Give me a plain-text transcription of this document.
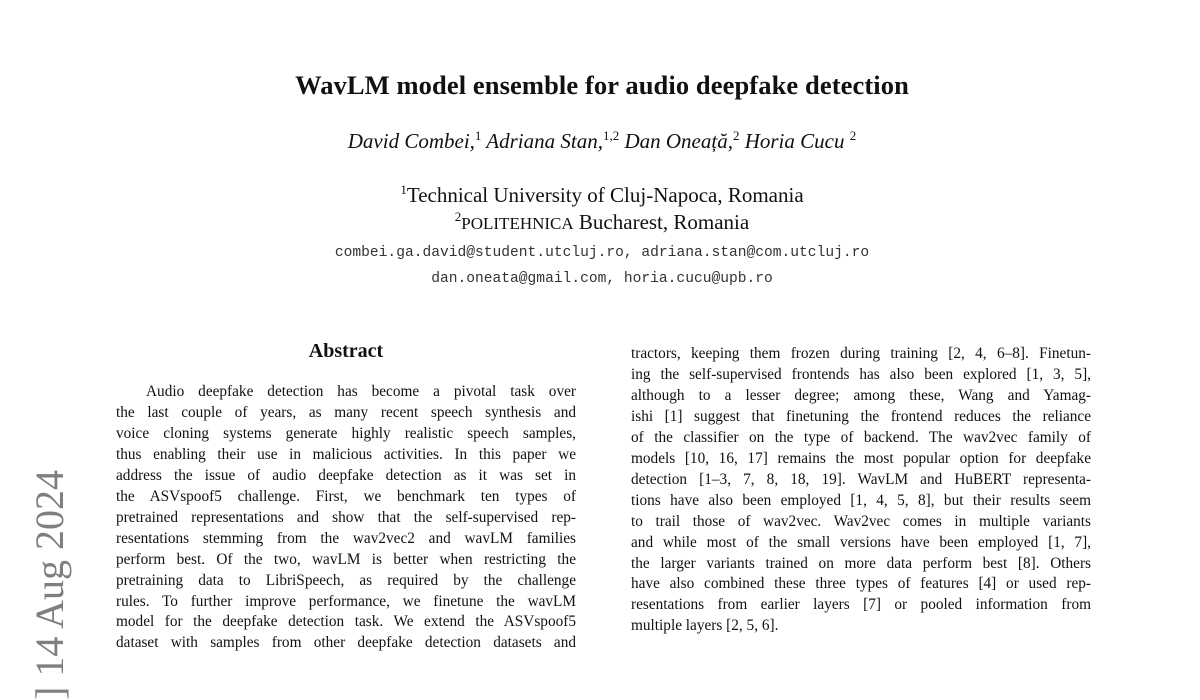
WavLM model ensemble for audio deepfake detection
David Combei,$^1$ Adriana Stan,$^{1,2}$ Dan Oneață,$^2$ Horia Cucu $^2$
$^1$Technical University of Cluj-Napoca, Romania
$^2$POLITEHNICA Bucharest, Romania
combei.ga.david@student.utcluj.ro, adriana.stan@com.utcluj.ro
dan.oneata@gmail.com, horia.cucu@upb.ro
] 14 Aug 2024
Abstract
Audio deepfake detection has become a pivotal task over
the last couple of years, as many recent speech synthesis and
voice cloning systems generate highly realistic speech samples,
thus enabling their use in malicious activities. In this paper we
address the issue of audio deepfake detection as it was set in
the ASVspoof5 challenge. First, we benchmark ten types of
pretrained representations and show that the self-supervised rep-
resentations stemming from the wav2vec2 and wavLM families
perform best. Of the two, wavLM is better when restricting the
pretraining data to LibriSpeech, as required by the challenge
rules. To further improve performance, we finetune the wavLM
model for the deepfake detection task. We extend the ASVspoof5
dataset with samples from other deepfake detection datasets and
tractors, keeping them frozen during training [2, 4, 6–8]. Finetun-
ing the self-supervised frontends has also been explored [1, 3, 5],
although to a lesser degree; among these, Wang and Yamag-
ishi [1] suggest that finetuning the frontend reduces the reliance
of the classifier on the type of backend. The wav2vec family of
models [10, 16, 17] remains the most popular option for deepfake
detection [1–3, 7, 8, 18, 19]. WavLM and HuBERT representa-
tions have also been employed [1, 4, 5, 8], but their results seem
to trail those of wav2vec. Wav2vec comes in multiple variants
and while most of the small versions have been employed [1, 7],
the larger variants trained on more data perform best [8]. Others
have also combined these three types of features [4] or used rep-
resentations from earlier layers [7] or pooled information from
multiple layers [2, 5, 6].
